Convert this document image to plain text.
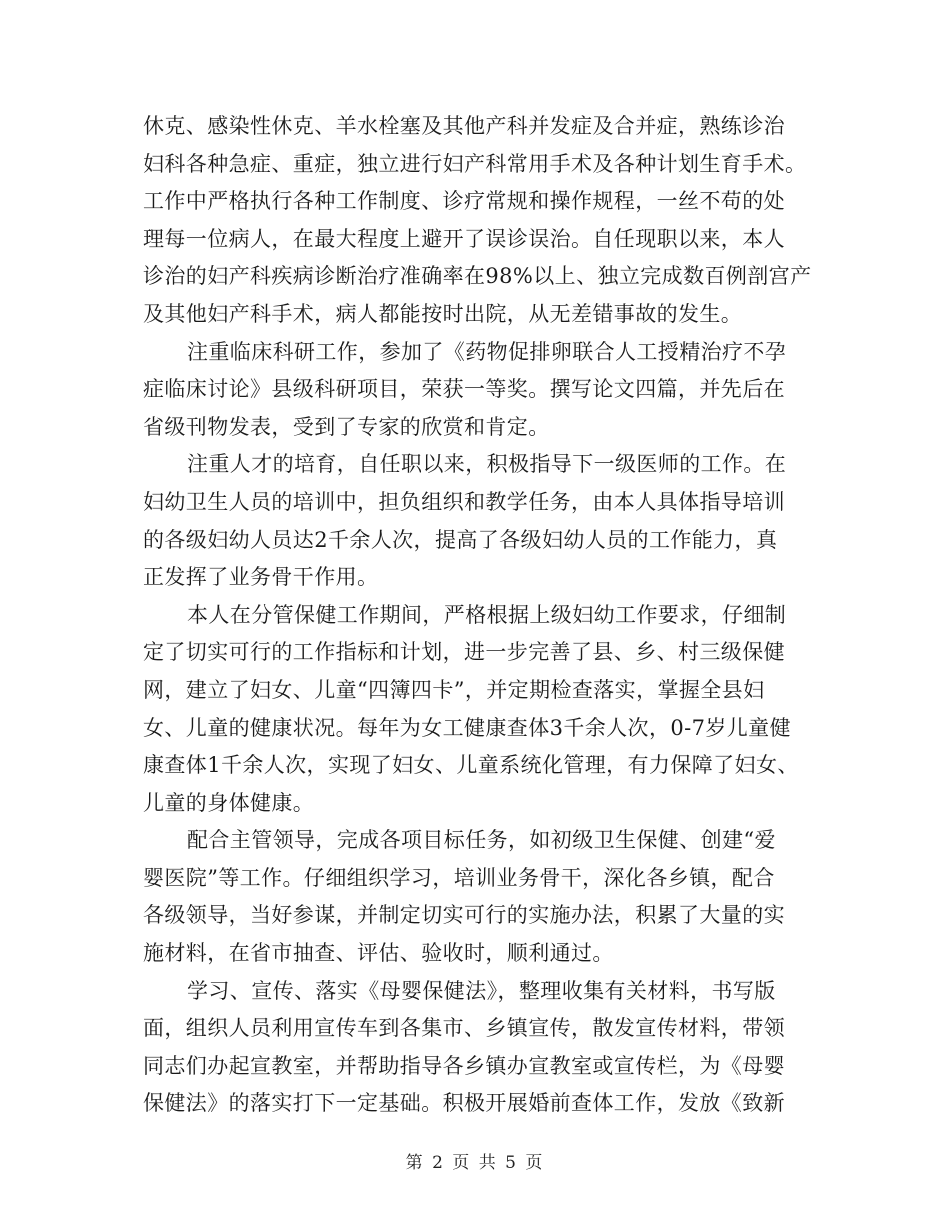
休克、感染性休克、羊水栓塞及其他产科并发症及合并症，熟练诊治
妇科各种急症、重症，独立进行妇产科常用手术及各种计划生育手术。
工作中严格执行各种工作制度、诊疗常规和操作规程，一丝不苟的处
理每一位病人，在最大程度上避开了误诊误治。自任现职以来，本人
诊治的妇产科疾病诊断治疗准确率在98%以上、独立完成数百例剖宫产
及其他妇产科手术，病人都能按时出院，从无差错事故的发生。

注重临床科研工作，参加了《药物促排卵联合人工授精治疗不孕
症临床讨论》县级科研项目，荣获一等奖。撰写论文四篇，并先后在
省级刊物发表，受到了专家的欣赏和肯定。

注重人才的培育，自任职以来，积极指导下一级医师的工作。在
妇幼卫生人员的培训中，担负组织和教学任务，由本人具体指导培训
的各级妇幼人员达2千余人次，提高了各级妇幼人员的工作能力，真
正发挥了业务骨干作用。

本人在分管保健工作期间，严格根据上级妇幼工作要求，仔细制
定了切实可行的工作指标和计划，进一步完善了县、乡、村三级保健
网，建立了妇女、儿童“四簿四卡”，并定期检查落实，掌握全县妇
女、儿童的健康状况。每年为女工健康查体3千余人次，0-7岁儿童健
康查体1千余人次，实现了妇女、儿童系统化管理，有力保障了妇女、
儿童的身体健康。

配合主管领导，完成各项目标任务，如初级卫生保健、创建“爱
婴医院”等工作。仔细组织学习，培训业务骨干，深化各乡镇，配合
各级领导，当好参谋，并制定切实可行的实施办法，积累了大量的实
施材料，在省市抽查、评估、验收时，顺利通过。

学习、宣传、落实《母婴保健法》，整理收集有关材料，书写版
面，组织人员利用宣传车到各集市、乡镇宣传，散发宣传材料，带领
同志们办起宣教室，并帮助指导各乡镇办宣教室或宣传栏，为《母婴
保健法》的落实打下一定基础。积极开展婚前查体工作，发放《致新

第 2 页 共 5 页
